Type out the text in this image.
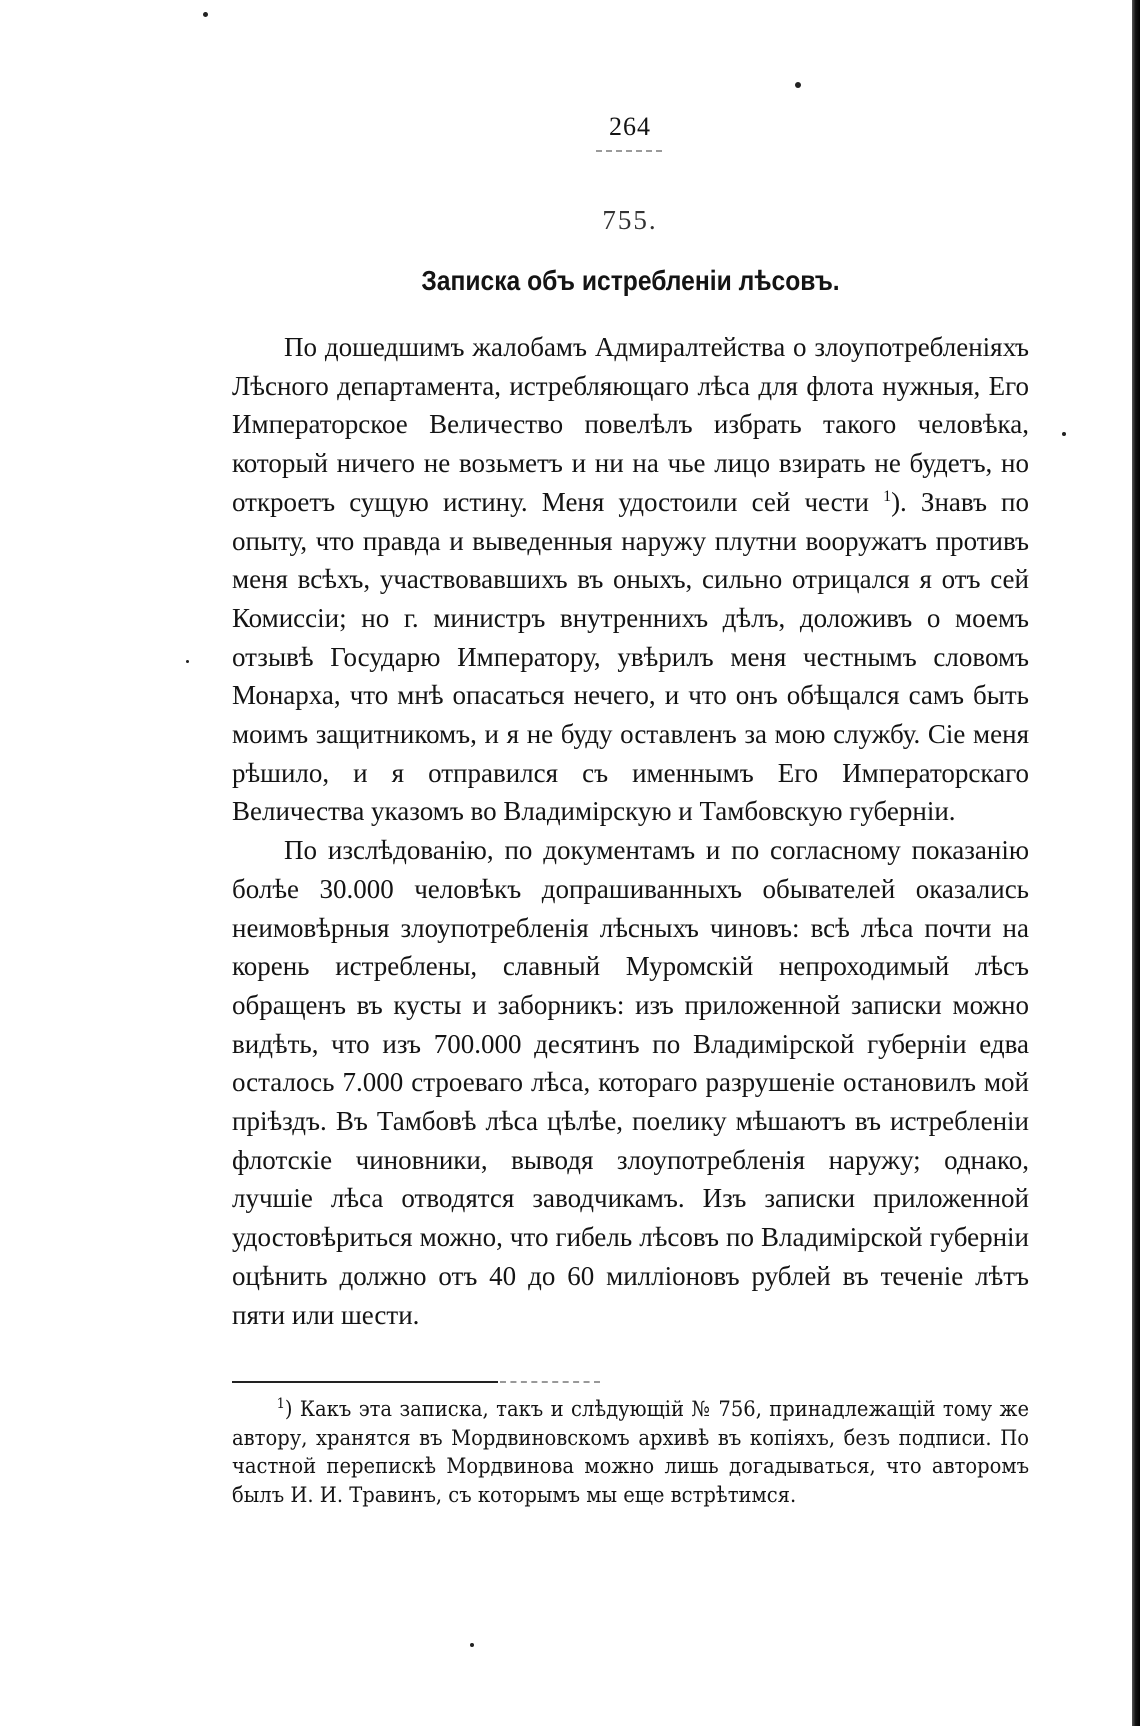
264
755.
Записка объ истребленіи лѣсовъ.

По дошедшимъ жалобамъ Адмиралтейства о злоупотребленіяхъ Лѣсного департамента, истребляющаго лѣса для флота нужныя, Его Императорское Величество повелѣлъ избрать такого человѣка, который ничего не возьметъ и ни на чье лицо взирать не будетъ, но откроетъ сущую истину. Меня удостоили сей чести $^1$). Знавъ по опыту, что правда и выведенныя наружу плутни вооружатъ противъ меня всѣхъ, участвовавшихъ въ оныхъ, сильно отрицался я отъ сей Комиссіи; но г. министръ внутреннихъ дѣлъ, доложивъ о моемъ отзывѣ Государю Императору, увѣрилъ меня честнымъ словомъ Монарха, что мнѣ опасаться нечего, и что онъ обѣщался самъ быть моимъ защитникомъ, и я не буду оставленъ за мою службу. Сіе меня рѣшило, и я отправился съ именнымъ Его Императорскаго Величества указомъ во Владимірскую и Тамбовскую губерніи.

По изслѣдованію, по документамъ и по согласному показанію болѣе 30.000 человѣкъ допрашиванныхъ обывателей оказались неимовѣрныя злоупотребленія лѣсныхъ чиновъ: всѣ лѣса почти на корень истреблены, славный Муромскій непроходимый лѣсъ обращенъ въ кусты и заборникъ: изъ приложенной записки можно видѣть, что изъ 700.000 десятинъ по Владимірской губерніи едва осталось 7.000 строеваго лѣса, котораго разрушеніе остановилъ мой пріѣздъ. Въ Тамбовѣ лѣса цѣлѣе, поелику мѣшаютъ въ истребленіи флотскіе чиновники, выводя злоупотребленія наружу; однако, лучшіе лѣса отводятся заводчикамъ. Изъ записки приложенной удостовѣриться можно, что гибель лѣсовъ по Владимірской губерніи оцѣнить должно отъ 40 до 60 милліоновъ рублей въ теченіе лѣтъ пяти или шести.

$^1$) Какъ эта записка, такъ и слѣдующій № 756, принадлежащій тому же автору, хранятся въ Мордвиновскомъ архивѣ въ копіяхъ, безъ подписи. По частной перепискѣ Мордвинова можно лишь догадываться, что авторомъ былъ И. И. Травинъ, съ которымъ мы еще встрѣтимся.
